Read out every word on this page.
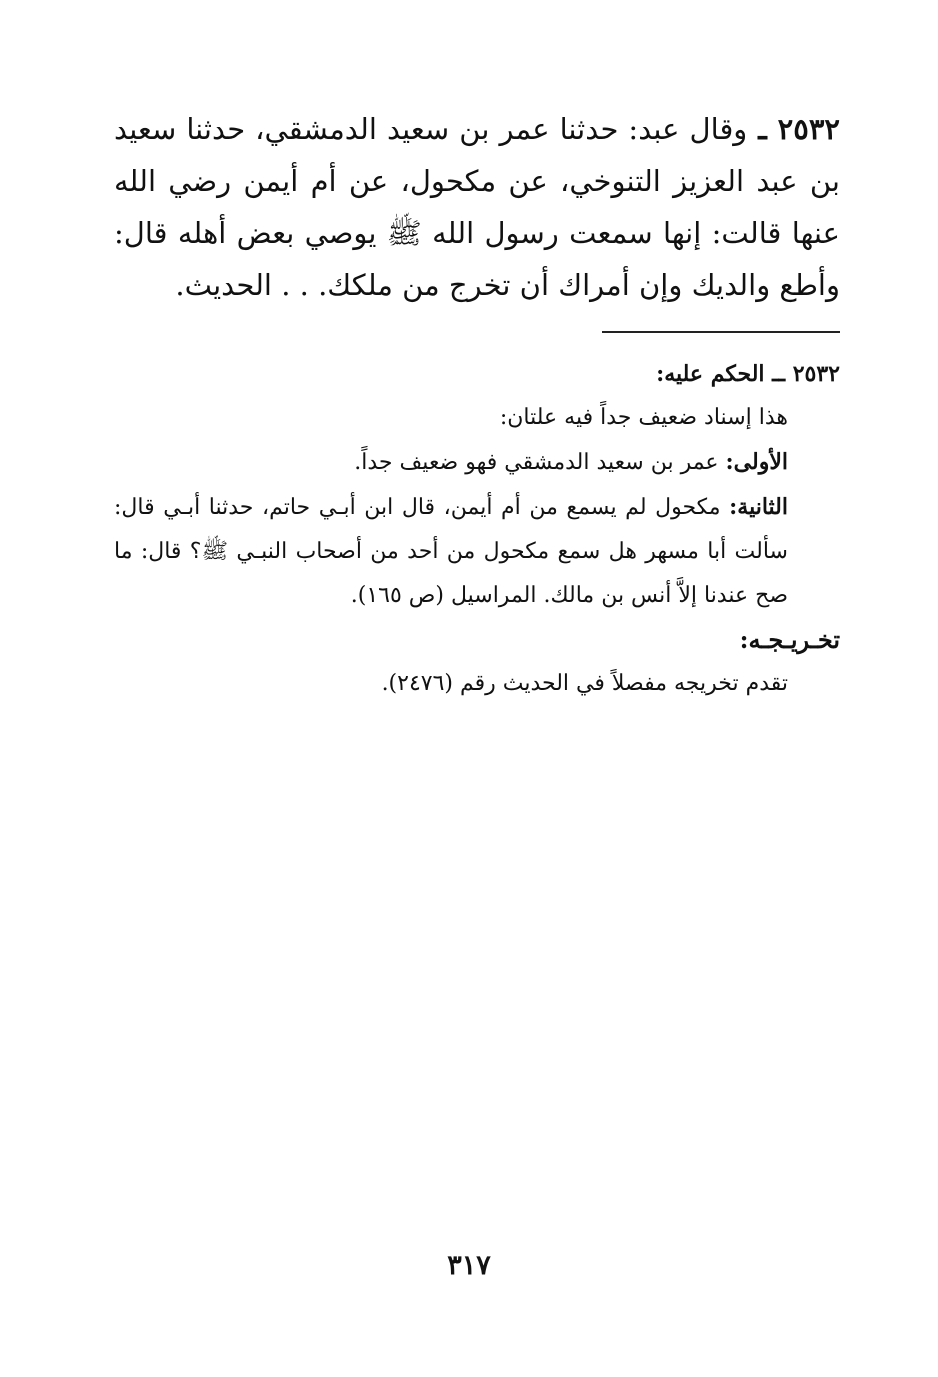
٢٥٣٢ ـ وقال عبد: حدثنا عمر بن سعيد الدمشقي، حدثنا سعيد بن عبد العزيز التنوخي، عن مكحول، عن أم أيمن رضي الله عنها قالت: إنها سمعت رسول الله ﷺ يوصي بعض أهله قال: وأطع والديك وإن أمراك أن تخرج من ملكك. . . الحديث.

٢٥٣٢ ــ الحكم عليه:

هذا إسناد ضعيف جداً فيه علتان:

الأولى: عمر بن سعيد الدمشقي فهو ضعيف جداً.

الثانية: مكحول لم يسمع من أم أيمن، قال ابن أبـي حاتم، حدثنا أبـي قال: سألت أبا مسهر هل سمع مكحول من أحد من أصحاب النبـي ﷺ؟ قال: ما صح عندنا إلاَّ أنس بن مالك. المراسيل (ص ١٦٥).

تخـريـجـه:

تقدم تخريجه مفصلاً في الحديث رقم (٢٤٧٦).

٣١٧
